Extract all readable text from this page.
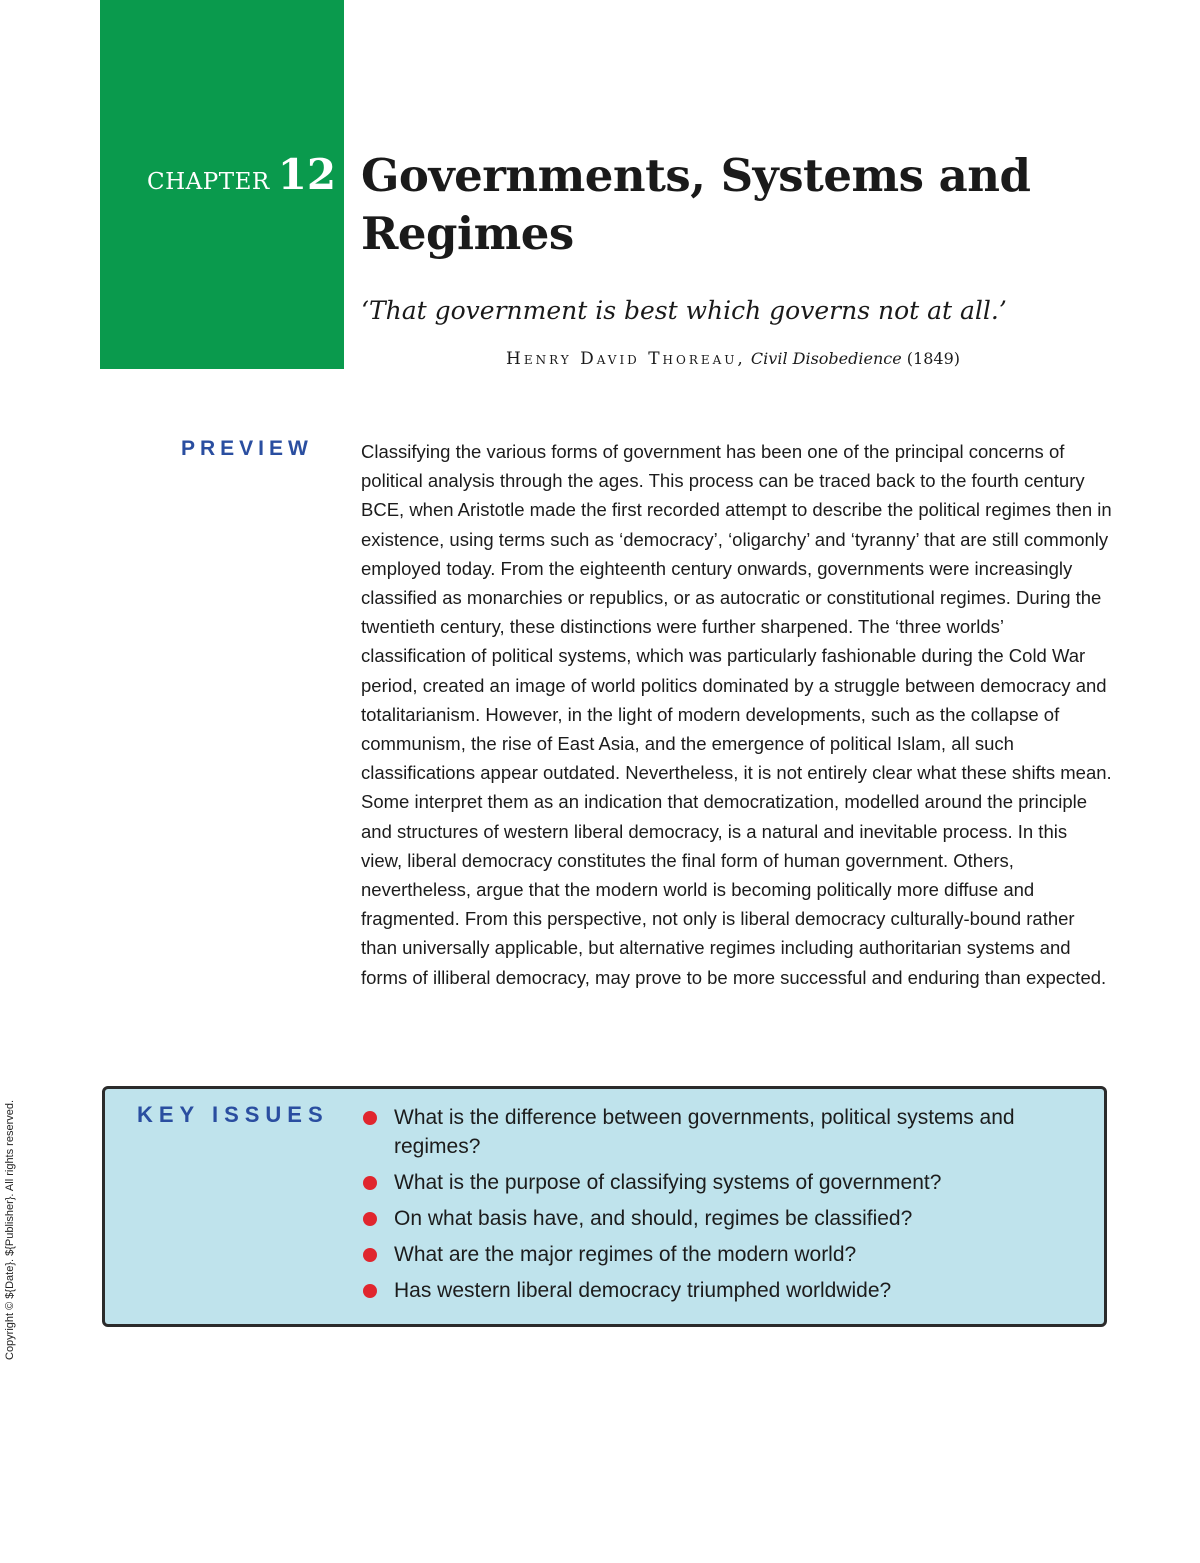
CHAPTER 12 Governments, Systems and Regimes

‘That government is best which governs not at all.’

Henry David Thoreau, Civil Disobedience (1849)
PREVIEW	Classifying the various forms of government has been one of the principal concerns of political analysis through the ages. This process can be traced back to the fourth century BCE, when Aristotle made the first recorded attempt to describe the political regimes then in existence, using terms such as ‘democracy’, ‘oligarchy’ and ‘tyranny’ that are still commonly employed today. From the eighteenth century onwards, governments were increasingly classified as monarchies or republics, or as autocratic or constitutional regimes. During the twentieth century, these distinctions were further sharpened. The ‘three worlds’ classification of political systems, which was particularly fashionable during the Cold War period, created an image of world politics dominated by a struggle between democracy and totalitarianism. However, in the light of modern developments, such as the collapse of communism, the rise of East Asia, and the emergence of political Islam, all such classifications appear outdated. Nevertheless, it is not entirely clear what these shifts mean. Some interpret them as an indication that democratization, modelled around the principle and structures of western liberal democracy, is a natural and inevitable process. In this view, liberal democracy constitutes the final form of human government. Others, nevertheless, argue that the modern world is becoming politically more diffuse and fragmented. From this perspective, not only is liberal democracy culturally-bound rather than universally applicable, but alternative regimes including authoritarian systems and forms of illiberal democracy, may prove to be more successful and enduring than expected.

KEY ISSUES	What is the difference between governments, political systems and regimes?
What is the purpose of classifying systems of government?
On what basis have, and should, regimes be classified?
What are the major regimes of the modern world?
Has western liberal democracy triumphed worldwide?
Copyright © ${Date}. ${Publisher}. All rights reserved.
